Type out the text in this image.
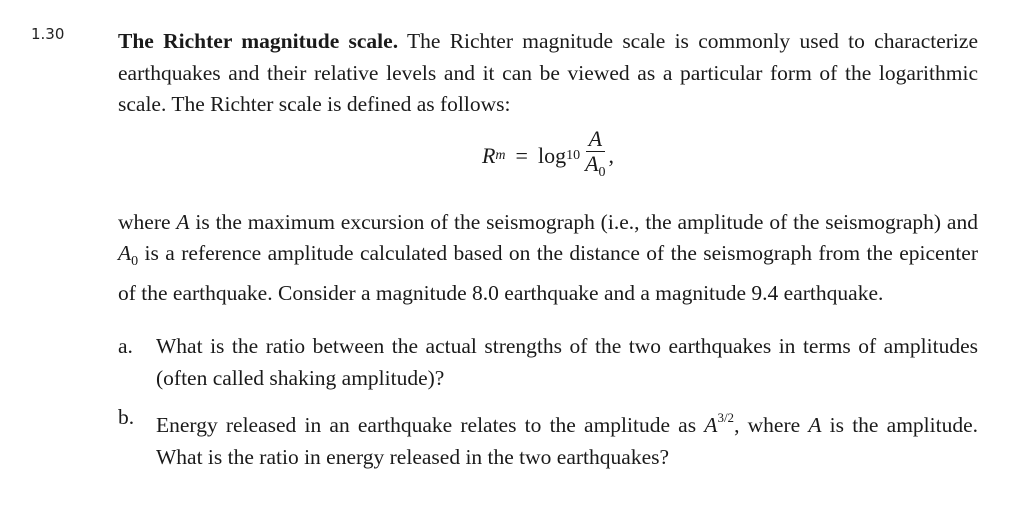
1.30 The Richter magnitude scale. The Richter magnitude scale is commonly used to characterize earthquakes and their relative levels and it can be viewed as a particular form of the logarithmic scale. The Richter scale is defined as follows:

R $m = \log 10 \frac{A}{A_0}$ ,

where A is the maximum excursion of the seismograph (i.e., the amplitude of the seismograph) and $A_0$ is a reference amplitude calculated based on the distance of the seismograph from the epicenter of the earthquake. Consider a magnitude 8.0 earthquake and a magnitude 9.4 earthquake.

a.	What is the ratio between the actual strengths of the two earthquakes in terms of amplitudes (often called shaking amplitude)?
b.	Energy released in an earthquake relates to the amplitude as $A^{3/2}$, where A is the amplitude. What is the ratio in energy released in the two earthquakes?
